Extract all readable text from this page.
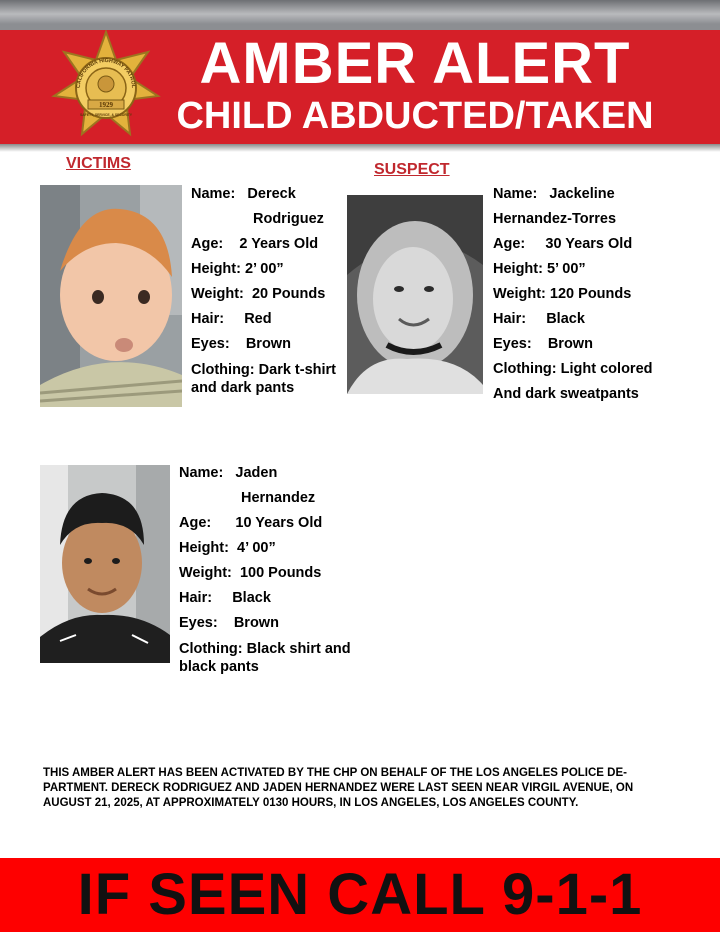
CALIFORNIA HIGHWAY PATROL
1929
SAFETY, SERVICE, & SECURITY
AMBER ALERT
CHILD ABDUCTED/TAKEN
VICTIMS	SUSPECT
Name: Dereck
Rodriguez
Age: 2 Years Old
Height: 2’ 00”
Weight: 20 Pounds
Hair: Red
Eyes: Brown
Clothing: Dark t-shirt and dark pants
Name: Jackeline
Hernandez-Torres
Age: 30 Years Old
Height: 5’ 00”
Weight: 120 Pounds
Hair: Black
Eyes: Brown
Clothing: Light colored
And dark sweatpants
Name: Jaden
Hernandez
Age: 10 Years Old
Height: 4’ 00”
Weight: 100 Pounds
Hair: Black
Eyes: Brown
Clothing: Black shirt and black pants
THIS AMBER ALERT HAS BEEN ACTIVATED BY THE CHP ON BEHALF OF THE LOS ANGELES POLICE DE-PARTMENT. DERECK RODRIGUEZ AND JADEN HERNANDEZ WERE LAST SEEN NEAR VIRGIL AVENUE, ON AUGUST 21, 2025, AT APPROXIMATELY 0130 HOURS, IN LOS ANGELES, LOS ANGELES COUNTY.
IF SEEN CALL 9-1-1
